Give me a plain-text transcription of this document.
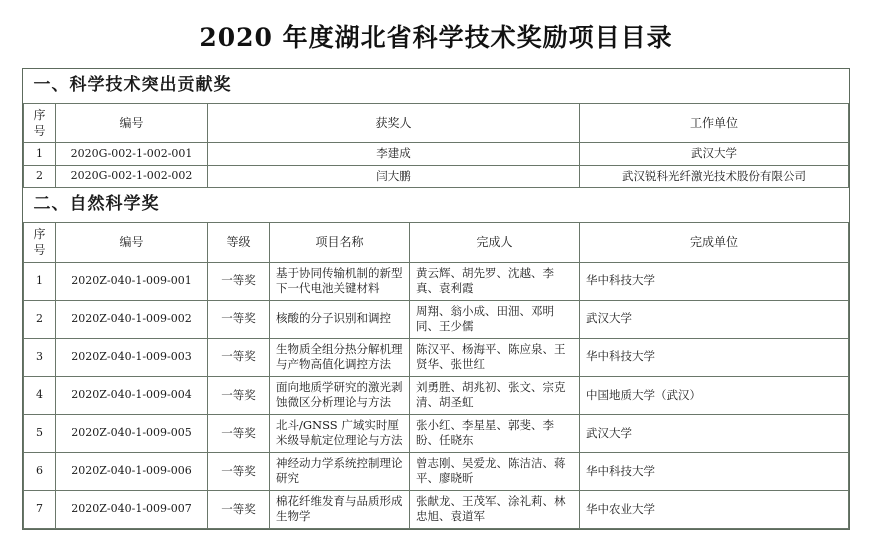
2020 年度湖北省科学技术奖励项目目录
一、科学技术突出贡献奖					
序号	编号	获奖人			工作单位
1	2020G-002-1-002-001	李建成			武汉大学
2	2020G-002-1-002-002	闫大鹏			武汉锐科光纤激光技术股份有限公司
二、自然科学奖					
序号	编号	等级	项目名称	完成人	完成单位
1	2020Z-040-1-009-001	一等奖	基于协同传输机制的新型下一代电池关键材料	黄云辉、胡先罗、沈越、李真、袁利霞	华中科技大学
2	2020Z-040-1-009-002	一等奖	核酸的分子识别和调控	周翔、翁小成、田沺、邓明同、王少儒	武汉大学
3	2020Z-040-1-009-003	一等奖	生物质全组分热分解机理与产物高值化调控方法	陈汉平、杨海平、陈应泉、王贤华、张世红	华中科技大学
4	2020Z-040-1-009-004	一等奖	面向地质学研究的激光剥蚀微区分析理论与方法	刘勇胜、胡兆初、张文、宗克清、胡圣虹	中国地质大学（武汉）
5	2020Z-040-1-009-005	一等奖	北斗/GNSS 广域实时厘米级导航定位理论与方法	张小红、李星星、郭斐、李盼、任晓东	武汉大学
6	2020Z-040-1-009-006	一等奖	神经动力学系统控制理论研究	曾志刚、吴爱龙、陈洁洁、蒋平、廖晓昕	华中科技大学
7	2020Z-040-1-009-007	一等奖	棉花纤维发育与品质形成生物学	张献龙、王茂军、涂礼莉、林忠旭、袁道军	华中农业大学
